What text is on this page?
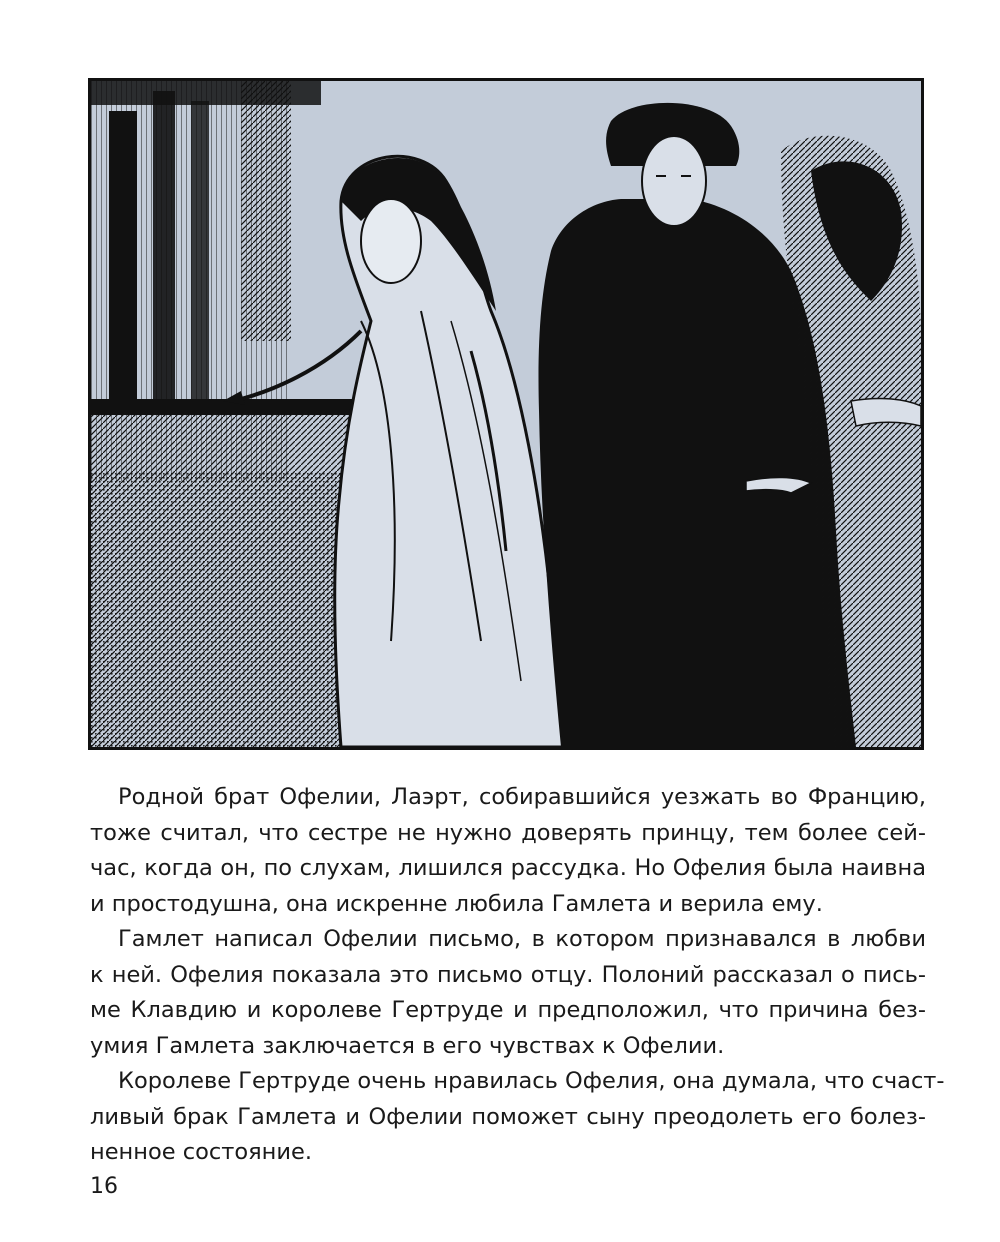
Родной брат Офелии, Лаэрт, собиравшийся уезжать во Францию,
тоже считал, что сестре не нужно доверять принцу, тем более сей-
час, когда он, по слухам, лишился рассудка. Но Офелия была наивна
и простодушна, она искренне любила Гамлета и верила ему.

Гамлет написал Офелии письмо, в котором признавался в любви
к ней. Офелия показала это письмо отцу. Полоний рассказал о пись-
ме Клавдию и королеве Гертруде и предположил, что причина без-
умия Гамлета заключается в его чувствах к Офелии.

Королеве Гертруде очень нравилась Офелия, она думала, что счаст-
ливый брак Гамлета и Офелии поможет сыну преодолеть его болез-
ненное состояние.

16
